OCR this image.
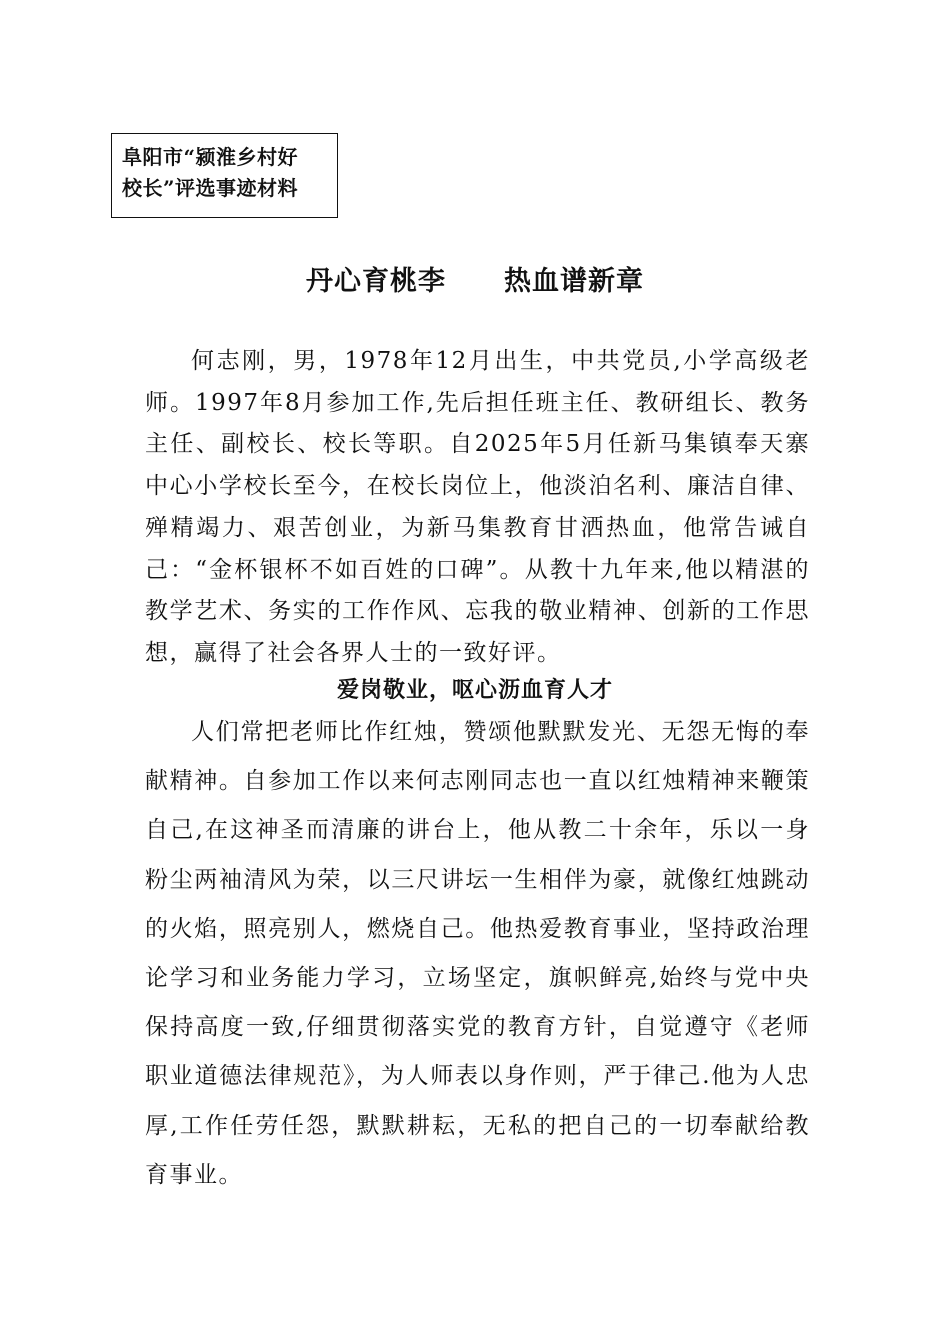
阜阳市“颍淮乡村好
校长”评选事迹材料
丹心育桃李 热血谱新章
何志刚，男，1978年12月出生，中共党员,小学高级老师。1997年8月参加工作,先后担任班主任、教研组长、教务主任、副校长、校长等职。自2025年5月任新马集镇奉天寨中心小学校长至今，在校长岗位上，他淡泊名利、廉洁自律、殚精竭力、艰苦创业，为新马集教育甘洒热血，他常告诫自己：“金杯银杯不如百姓的口碑”。从教十九年来,他以精湛的教学艺术、务实的工作作风、忘我的敬业精神、创新的工作思想，赢得了社会各界人士的一致好评。
爱岗敬业，呕心沥血育人才
人们常把老师比作红烛，赞颂他默默发光、无怨无悔的奉献精神。自参加工作以来何志刚同志也一直以红烛精神来鞭策自己,在这神圣而清廉的讲台上，他从教二十余年，乐以一身粉尘两袖清风为荣，以三尺讲坛一生相伴为豪，就像红烛跳动的火焰，照亮别人，燃烧自己。他热爱教育事业，坚持政治理论学习和业务能力学习，立场坚定，旗帜鲜亮,始终与党中央保持高度一致,仔细贯彻落实党的教育方针，自觉遵守《老师职业道德法律规范》，为人师表以身作则，严于律己.他为人忠厚,工作任劳任怨，默默耕耘，无私的把自己的一切奉献给教育事业。
